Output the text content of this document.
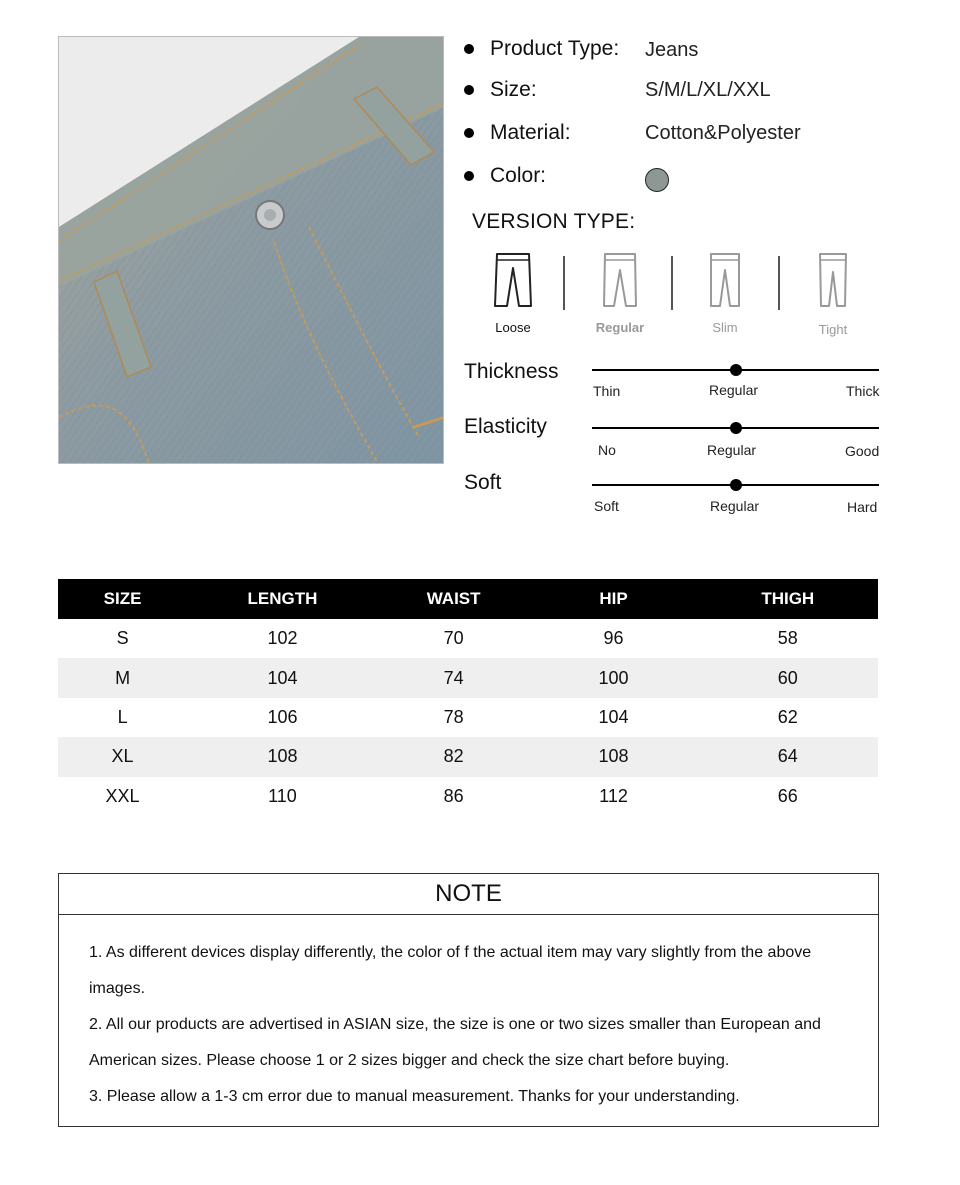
Product Type: Jeans
Size:	S/M/L/XL/XXL
Material:	Cotton&Polyester
Color:
VERSION TYPE:
Loose	Regular	Slim	Tight
Thickness
Thin	Regular	Thick
Elasticity
No	Regular	Good
Soft
Soft	Regular	Hard
SIZE	LENGTH	WAIST	HIP	THIGH
S	102	70	96	58
M	104	74	100	60
L	106	78	104	62
XL	108	82	108	64
XXL	110	86	112	66
NOTE

1. As different devices display differently, the color of f the actual item may vary slightly from the above images.

2. All our products are advertised in ASIAN size, the size is one or two sizes smaller than European and American sizes. Please choose 1 or 2 sizes bigger and check the size chart before buying.

3. Please allow a 1-3 cm error due to manual measurement. Thanks for your understanding.
